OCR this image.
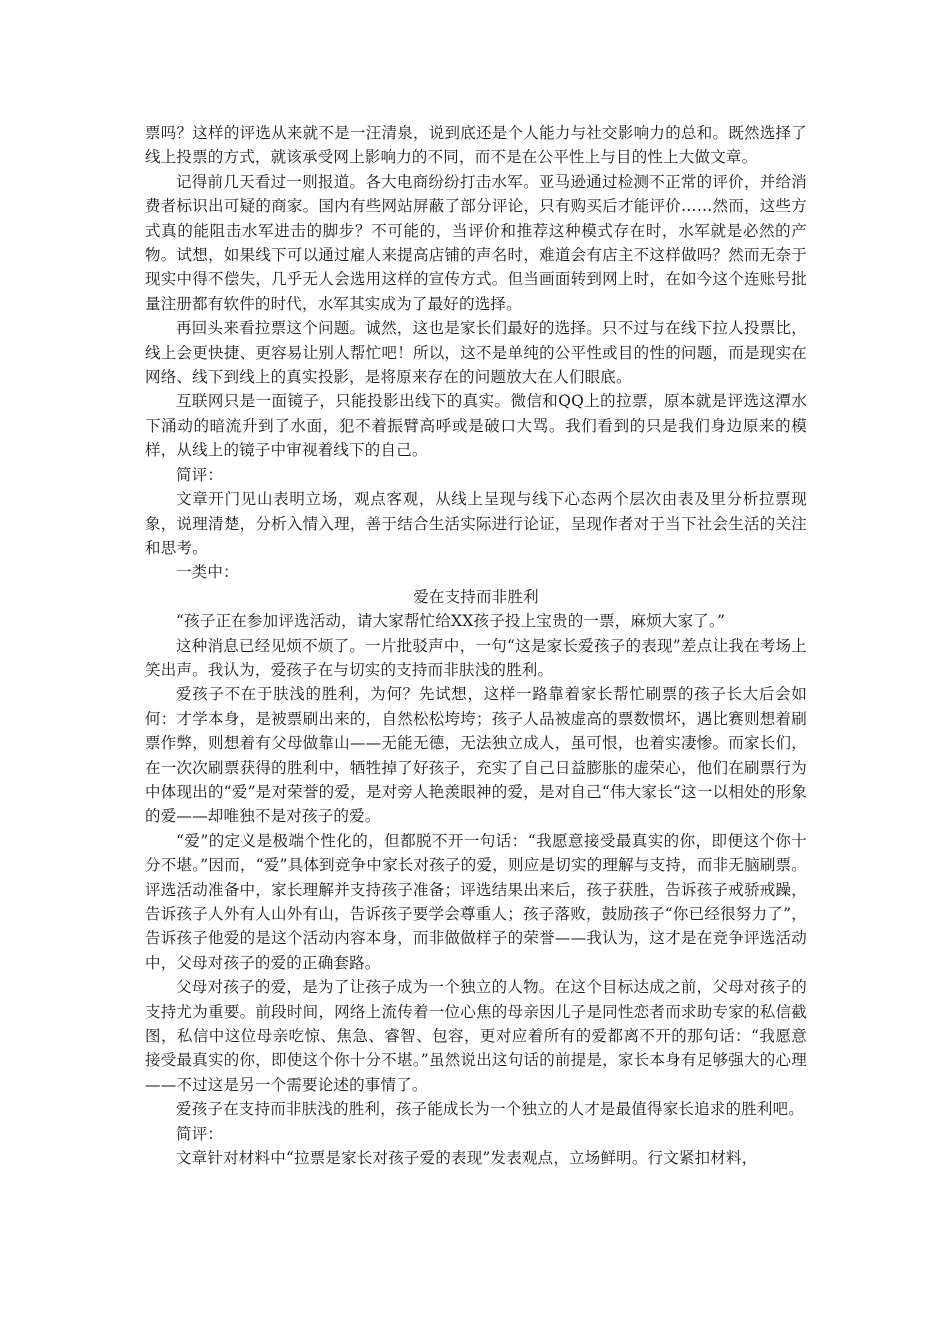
票吗？这样的评选从来就不是一汪清泉，说到底还是个人能力与社交影响力的总和。既然选择了线上投票的方式，就该承受网上影响力的不同，而不是在公平性上与目的性上大做文章。

记得前几天看过一则报道。各大电商纷纷打击水军。亚马逊通过检测不正常的评价，并给消费者标识出可疑的商家。国内有些网站屏蔽了部分评论，只有购买后才能评价……然而，这些方式真的能阻击水军进击的脚步？不可能的，当评价和推荐这种模式存在时，水军就是必然的产物。试想，如果线下可以通过雇人来提高店铺的声名时，难道会有店主不这样做吗？然而无奈于现实中得不偿失，几乎无人会选用这样的宣传方式。但当画面转到网上时，在如今这个连账号批量注册都有软件的时代，水军其实成为了最好的选择。

再回头来看拉票这个问题。诚然，这也是家长们最好的选择。只不过与在线下拉人投票比，线上会更快捷、更容易让别人帮忙吧！所以，这不是单纯的公平性或目的性的问题，而是现实在网络、线下到线上的真实投影，是将原来存在的问题放大在人们眼底。

互联网只是一面镜子，只能投影出线下的真实。微信和QQ上的拉票，原本就是评选这潭水下涌动的暗流升到了水面，犯不着振臂高呼或是破口大骂。我们看到的只是我们身边原来的模样，从线上的镜子中审视着线下的自己。

简评：

文章开门见山表明立场，观点客观，从线上呈现与线下心态两个层次由表及里分析拉票现象，说理清楚，分析入情入理，善于结合生活实际进行论证，呈现作者对于当下社会生活的关注和思考。

一类中：

爱在支持而非胜利

“孩子正在参加评选活动，请大家帮忙给XX孩子投上宝贵的一票，麻烦大家了。”

这种消息已经见烦不烦了。一片批驳声中，一句“这是家长爱孩子的表现”差点让我在考场上笑出声。我认为，爱孩子在与切实的支持而非肤浅的胜利。

爱孩子不在于肤浅的胜利，为何？先试想，这样一路靠着家长帮忙刷票的孩子长大后会如何：才学本身，是被票刷出来的，自然松松垮垮；孩子人品被虚高的票数惯坏，遇比赛则想着刷票作弊，则想着有父母做靠山——无能无德，无法独立成人，虽可恨，也着实凄惨。而家长们，在一次次刷票获得的胜利中，牺牲掉了好孩子，充实了自己日益膨胀的虚荣心，他们在刷票行为中体现出的“爱”是对荣誉的爱，是对旁人艳羡眼神的爱，是对自己“伟大家长“这一以相处的形象的爱——却唯独不是对孩子的爱。

“爱”的定义是极端个性化的，但都脱不开一句话：“我愿意接受最真实的你，即便这个你十分不堪。”因而，“爱”具体到竞争中家长对孩子的爱，则应是切实的理解与支持，而非无脑刷票。评选活动准备中，家长理解并支持孩子准备；评选结果出来后，孩子获胜，告诉孩子戒骄戒躁，告诉孩子人外有人山外有山，告诉孩子要学会尊重人；孩子落败，鼓励孩子“你已经很努力了”，告诉孩子他爱的是这个活动内容本身，而非做做样子的荣誉——我认为，这才是在竞争评选活动中，父母对孩子的爱的正确套路。

父母对孩子的爱，是为了让孩子成为一个独立的人物。在这个目标达成之前，父母对孩子的支持尤为重要。前段时间，网络上流传着一位心焦的母亲因儿子是同性恋者而求助专家的私信截图，私信中这位母亲吃惊、焦急、睿智、包容，更对应着所有的爱都离不开的那句话：“我愿意接受最真实的你，即使这个你十分不堪。”虽然说出这句话的前提是，家长本身有足够强大的心理——不过这是另一个需要论述的事情了。

爱孩子在支持而非肤浅的胜利，孩子能成长为一个独立的人才是最值得家长追求的胜利吧。

简评：

文章针对材料中“拉票是家长对孩子爱的表现”发表观点，立场鲜明。行文紧扣材料，
